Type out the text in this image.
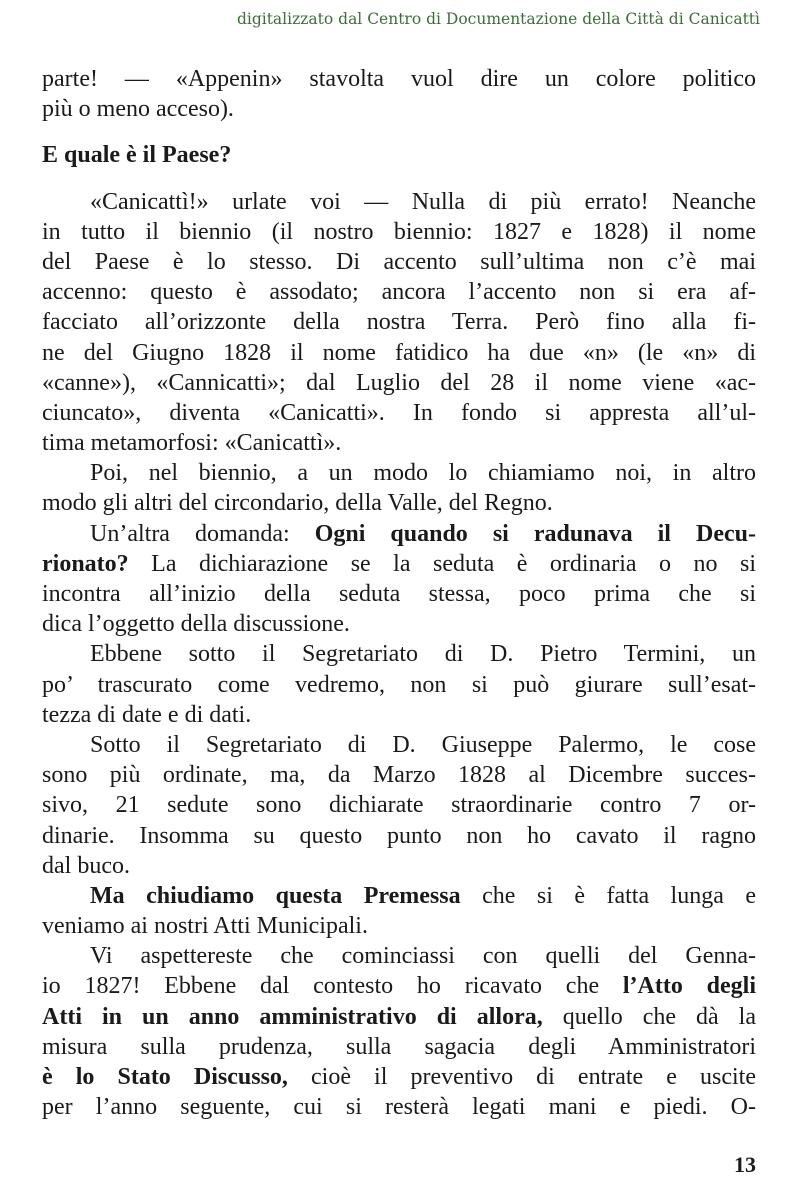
digitalizzato dal Centro di Documentazione della Città di Canicattì
parte! — «Appenin» stavolta vuol dire un colore politico
più o meno acceso).
E quale è il Paese?
«Canicattì!» urlate voi — Nulla di più errato! Neanche
in tutto il biennio (il nostro biennio: 1827 e 1828) il nome
del Paese è lo stesso. Di accento sull’ultima non c’è mai
accenno: questo è assodato; ancora l’accento non si era af-
facciato all’orizzonte della nostra Terra. Però fino alla fi-
ne del Giugno 1828 il nome fatidico ha due «n» (le «n» di
«canne»), «Cannicatti»; dal Luglio del 28 il nome viene «ac-
ciuncato», diventa «Canicatti». In fondo si appresta all’ul-
tima metamorfosi: «Canicattì».
Poi, nel biennio, a un modo lo chiamiamo noi, in altro
modo gli altri del circondario, della Valle, del Regno.
Un’altra domanda: Ogni quando si radunava il Decu-
rionato? La dichiarazione se la seduta è ordinaria o no si
incontra all’inizio della seduta stessa, poco prima che si
dica l’oggetto della discussione.
Ebbene sotto il Segretariato di D. Pietro Termini, un
po’ trascurato come vedremo, non si può giurare sull’esat-
tezza di date e di dati.
Sotto il Segretariato di D. Giuseppe Palermo, le cose
sono più ordinate, ma, da Marzo 1828 al Dicembre succes-
sivo, 21 sedute sono dichiarate straordinarie contro 7 or-
dinarie. Insomma su questo punto non ho cavato il ragno
dal buco.
Ma chiudiamo questa Premessa che si è fatta lunga e
veniamo ai nostri Atti Municipali.
Vi aspettereste che cominciassi con quelli del Genna-
io 1827! Ebbene dal contesto ho ricavato che l’Atto degli
Atti in un anno amministrativo di allora, quello che dà la
misura sulla prudenza, sulla sagacia degli Amministratori
è lo Stato Discusso, cioè il preventivo di entrate e uscite
per l’anno seguente, cui si resterà legati mani e piedi. O-
13
